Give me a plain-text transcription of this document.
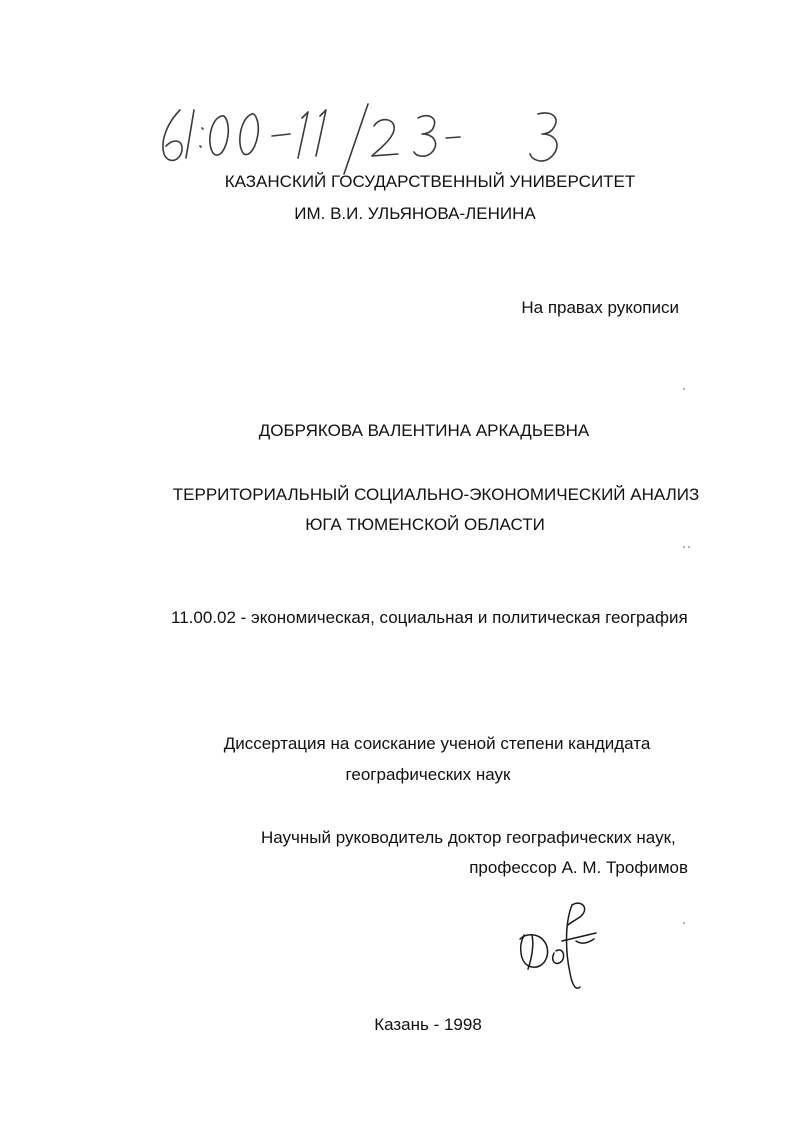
КАЗАНСКИЙ ГОСУДАРСТВЕННЫЙ УНИВЕРСИТЕТ
ИМ. В.И. УЛЬЯНОВА-ЛЕНИНА
На правах рукописи
ДОБРЯКОВА ВАЛЕНТИНА АРКАДЬЕВНА
ТЕРРИТОРИАЛЬНЫЙ СОЦИАЛЬНО-ЭКОНОМИЧЕСКИЙ АНАЛИЗ
ЮГА ТЮМЕНСКОЙ ОБЛАСТИ
11.00.02 - экономическая, социальная и политическая география
Диссертация на соискание ученой степени кандидата
географических наук
Научный руководитель доктор географических наук,
профессор А. М. Трофимов
Казань - 1998
